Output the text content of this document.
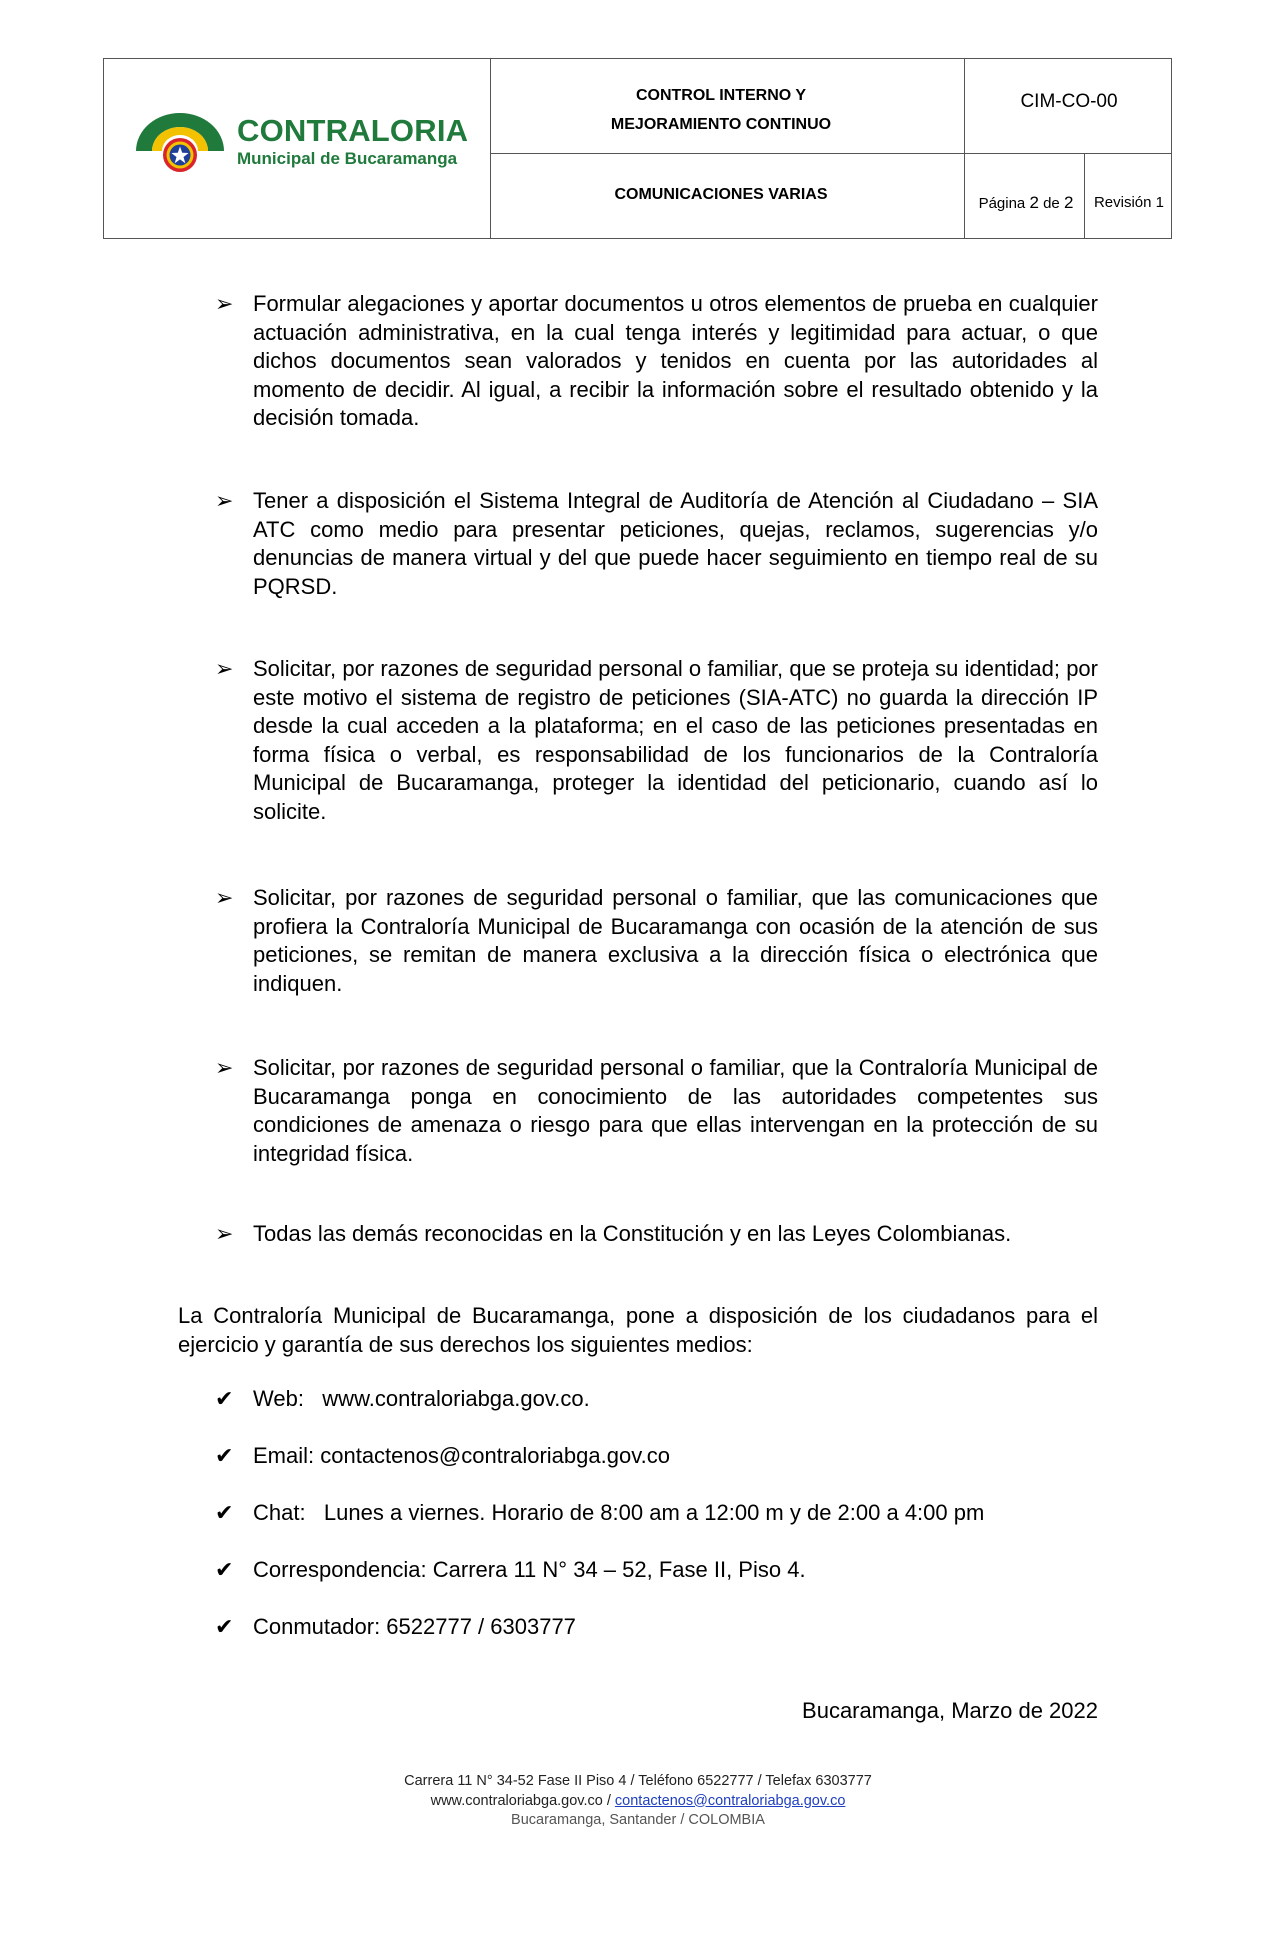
CONTRALORIA
Municipal de Bucaramanga
CONTROL INTERNO Y
MEJORAMIENTO CONTINUO
COMUNICACIONES VARIAS
CIM-CO-00
Página 2 de 2	Revisión 1
➢ Formular alegaciones y aportar documentos u otros elementos de prueba en cualquier actuación administrativa, en la cual tenga interés y legitimidad para actuar, o que dichos documentos sean valorados y tenidos en cuenta por las autoridades al momento de decidir. Al igual, a recibir la información sobre el resultado obtenido y la decisión tomada.
➢ Tener a disposición el Sistema Integral de Auditoría de Atención al Ciudadano – SIA ATC como medio para presentar peticiones, quejas, reclamos, sugerencias y/o denuncias de manera virtual y del que puede hacer seguimiento en tiempo real de su PQRSD.
➢ Solicitar, por razones de seguridad personal o familiar, que se proteja su identidad; por este motivo el sistema de registro de peticiones (SIA-ATC) no guarda la dirección IP desde la cual acceden a la plataforma; en el caso de las peticiones presentadas en forma física o verbal, es responsabilidad de los funcionarios de la Contraloría Municipal de Bucaramanga, proteger la identidad del peticionario, cuando así lo solicite.
➢ Solicitar, por razones de seguridad personal o familiar, que las comunicaciones que profiera la Contraloría Municipal de Bucaramanga con ocasión de la atención de sus peticiones, se remitan de manera exclusiva a la dirección física o electrónica que indiquen.
➢ Solicitar, por razones de seguridad personal o familiar, que la Contraloría Municipal de Bucaramanga ponga en conocimiento de las autoridades competentes sus condiciones de amenaza o riesgo para que ellas intervengan en la protección de su integridad física.
➢ Todas las demás reconocidas en la Constitución y en las Leyes Colombianas.
La Contraloría Municipal de Bucaramanga, pone a disposición de los ciudadanos para el ejercicio y garantía de sus derechos los siguientes medios:
✔ Web:   www.contraloriabga.gov.co.
✔ Email: contactenos@contraloriabga.gov.co
✔ Chat:   Lunes a viernes. Horario de 8:00 am a 12:00 m y de 2:00 a 4:00 pm
✔ Correspondencia: Carrera 11 N° 34 – 52, Fase II, Piso 4.
✔ Conmutador: 6522777 / 6303777
Bucaramanga, Marzo de 2022
Carrera 11 N° 34-52 Fase II Piso 4 / Teléfono 6522777 / Telefax 6303777
www.contraloriabga.gov.co / contactenos@contraloriabga.gov.co
Bucaramanga, Santander / COLOMBIA
